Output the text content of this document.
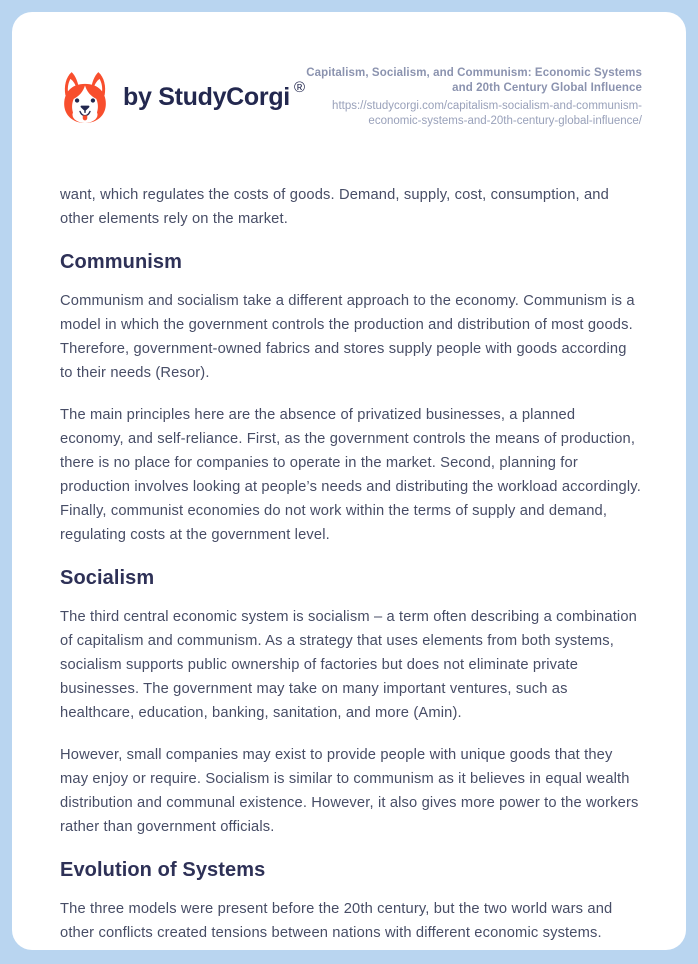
by StudyCorgi ®
Capitalism, Socialism, and Communism: Economic Systems and 20th Century Global Influence
https://studycorgi.com/capitalism-socialism-and-communism-economic-systems-and-20th-century-global-influence/

want, which regulates the costs of goods. Demand, supply, cost, consumption, and other elements rely on the market.

Communism

Communism and socialism take a different approach to the economy. Communism is a model in which the government controls the production and distribution of most goods. Therefore, government-owned fabrics and stores supply people with goods according to their needs (Resor).

The main principles here are the absence of privatized businesses, a planned economy, and self-reliance. First, as the government controls the means of production, there is no place for companies to operate in the market. Second, planning for production involves looking at people’s needs and distributing the workload accordingly. Finally, communist economies do not work within the terms of supply and demand, regulating costs at the government level.

Socialism

The third central economic system is socialism – a term often describing a combination of capitalism and communism. As a strategy that uses elements from both systems, socialism supports public ownership of factories but does not eliminate private businesses. The government may take on many important ventures, such as healthcare, education, banking, sanitation, and more (Amin).

However, small companies may exist to provide people with unique goods that they may enjoy or require. Socialism is similar to communism as it believes in equal wealth distribution and communal existence. However, it also gives more power to the workers rather than government officials.

Evolution of Systems

The three models were present before the 20th century, but the two world wars and other conflicts created tensions between nations with different economic systems.
